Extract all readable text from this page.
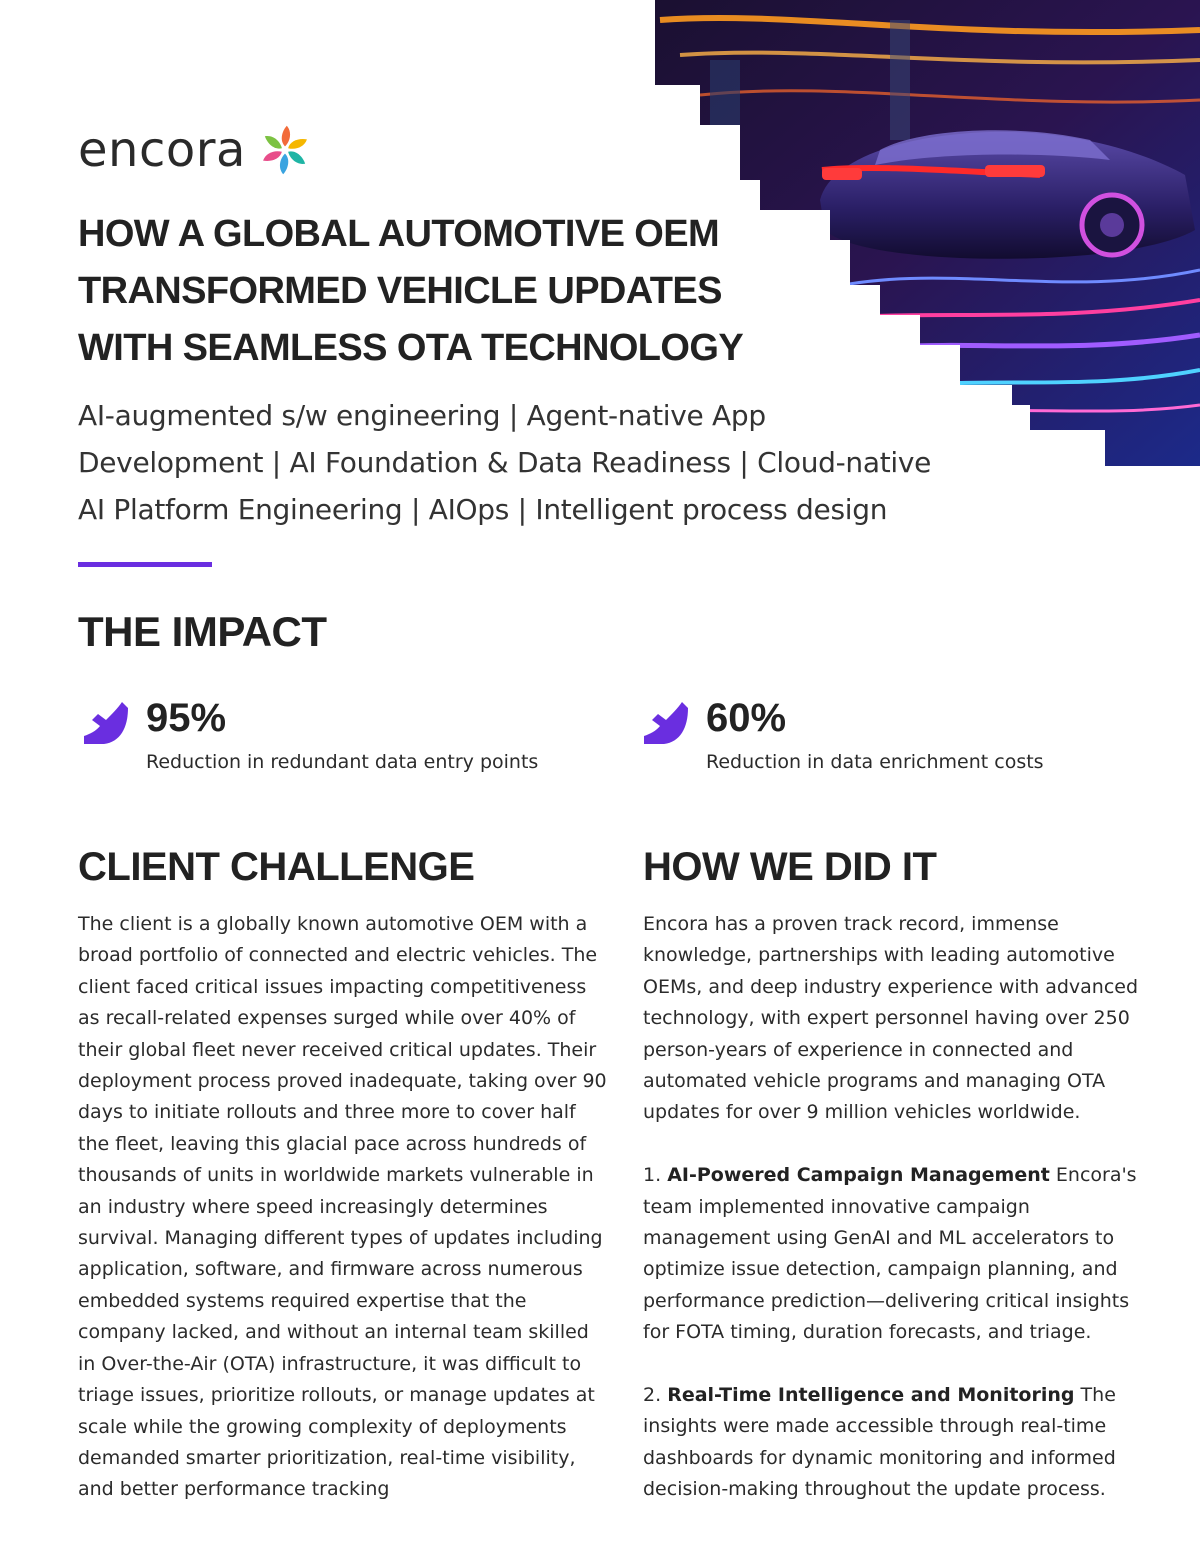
encora
HOW A GLOBAL AUTOMOTIVE OEM
TRANSFORMED VEHICLE UPDATES
WITH SEAMLESS OTA TECHNOLOGY

AI-augmented s/w engineering | Agent-native App
Development | AI Foundation & Data Readiness | Cloud-native
AI Platform Engineering | AIOps | Intelligent process design

THE IMPACT
95%
Reduction in redundant data entry points
60%
Reduction in data enrichment costs
CLIENT CHALLENGE
The client is a globally known automotive OEM with a
broad portfolio of connected and electric vehicles. The
client faced critical issues impacting competitiveness
as recall-related expenses surged while over 40% of
their global fleet never received critical updates. Their
deployment process proved inadequate, taking over 90
days to initiate rollouts and three more to cover half
the fleet, leaving this glacial pace across hundreds of
thousands of units in worldwide markets vulnerable in
an industry where speed increasingly determines
survival. Managing different types of updates including
application, software, and firmware across numerous
embedded systems required expertise that the
company lacked, and without an internal team skilled
in Over-the-Air (OTA) infrastructure, it was difficult to
triage issues, prioritize rollouts, or manage updates at
scale while the growing complexity of deployments
demanded smarter prioritization, real-time visibility,
and better performance tracking
HOW WE DID IT
Encora has a proven track record, immense
knowledge, partnerships with leading automotive
OEMs, and deep industry experience with advanced
technology, with expert personnel having over 250
person-years of experience in connected and
automated vehicle programs and managing OTA
updates for over 9 million vehicles worldwide.
1. AI-Powered Campaign Management Encora's
team implemented innovative campaign
management using GenAI and ML accelerators to
optimize issue detection, campaign planning, and
performance prediction—delivering critical insights
for FOTA timing, duration forecasts, and triage.
2. Real-Time Intelligence and Monitoring The
insights were made accessible through real-time
dashboards for dynamic monitoring and informed
decision-making throughout the update process.
